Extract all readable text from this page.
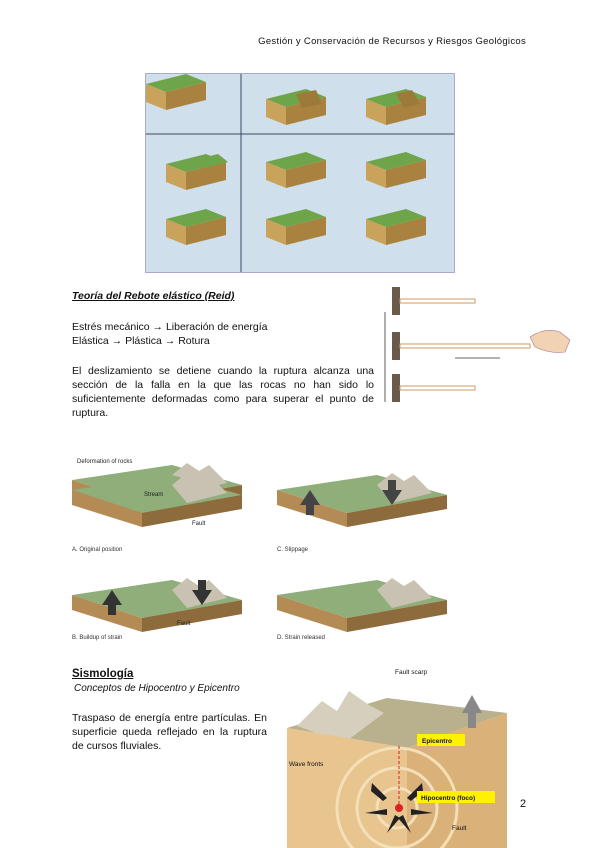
Gestión y Conservación de Recursos y Riesgos Geológicos
Teoría del Rebote elástico (Reid)
Estrés mecánico → Liberación de energía
Elástica → Plástica → Rotura
El deslizamiento se detiene cuando la ruptura alcanza una sección de la falla en la que las rocas no han sido lo suficientemente deformadas como para superar el punto de ruptura.
Deformation of rocks
Stream
Fault
Fault
A. Original position	C. Slippage
B. Buildup of strain	D. Strain released
Sismología
Conceptos de Hipocentro y Epicentro
Traspaso de energía entre partículas. En superficie queda reflejado en la ruptura de cursos fluviales.
Fault scarp
Epicentro
Wave fronts
Hipocentro (foco)
Fault
2
